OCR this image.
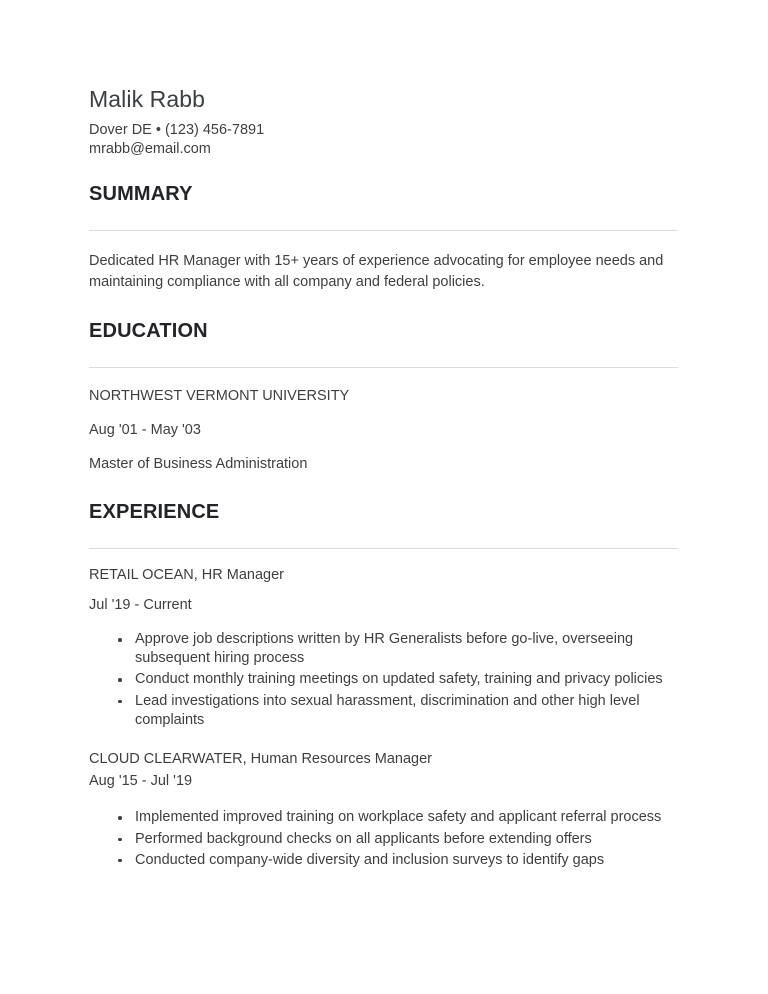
Malik Rabb

Dover DE • (123) 456-7891

mrabb@email.com

SUMMARY

Dedicated HR Manager with 15+ years of experience advocating for employee needs and maintaining compliance with all company and federal policies.

EDUCATION

NORTHWEST VERMONT UNIVERSITY

Aug '01 - May '03

Master of Business Administration

EXPERIENCE

RETAIL OCEAN, HR Manager

Jul '19 - Current

Approve job descriptions written by HR Generalists before go-live, overseeing subsequent hiring process
Conduct monthly training meetings on updated safety, training and privacy policies
Lead investigations into sexual harassment, discrimination and other high level complaints

CLOUD CLEARWATER, Human Resources Manager

Aug '15 - Jul '19

Implemented improved training on workplace safety and applicant referral process
Performed background checks on all applicants before extending offers
Conducted company-wide diversity and inclusion surveys to identify gaps
